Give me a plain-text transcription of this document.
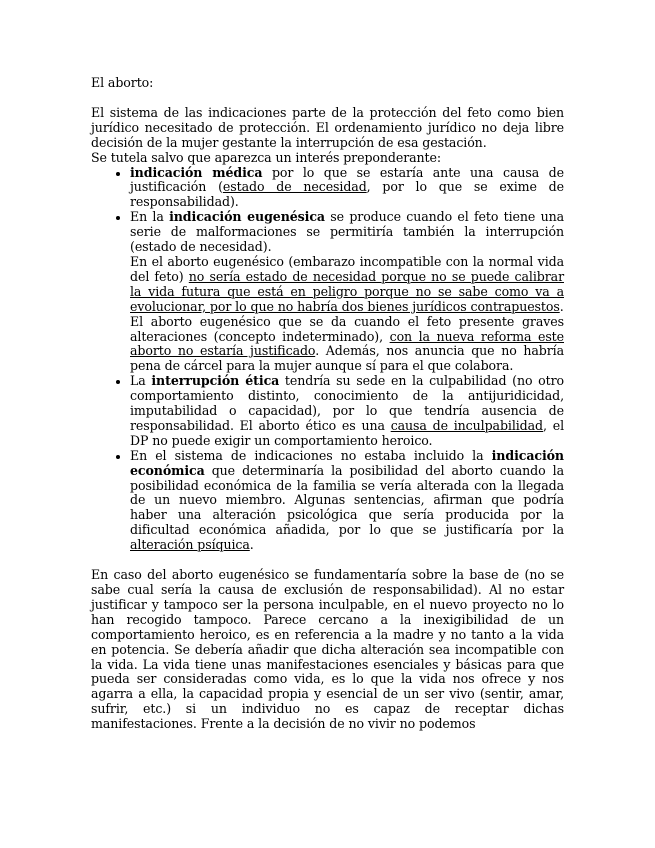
El aborto:

El sistema de las indicaciones parte de la protección del feto como bien jurídico necesitado de protección. El ordenamiento jurídico no deja libre decisión de la mujer gestante la interrupción de esa gestación.

Se tutela salvo que aparezca un interés preponderante:

• indicación médica por lo que se estaría ante una causa de justificación (estado de necesidad, por lo que se exime de responsabilidad).

• En la indicación eugenésica se produce cuando el feto tiene una serie de malformaciones se permitiría también la interrupción (estado de necesidad).

En el aborto eugenésico (embarazo incompatible con la normal vida del feto) no sería estado de necesidad porque no se puede calibrar la vida futura que está en peligro porque no se sabe como va a evolucionar, por lo que no habría dos bienes jurídicos contrapuestos.

El aborto eugenésico que se da cuando el feto presente graves alteraciones (concepto indeterminado), con la nueva reforma este aborto no estaría justificado. Además, nos anuncia que no habría pena de cárcel para la mujer aunque sí para el que colabora.

• La interrupción ética tendría su sede en la culpabilidad (no otro comportamiento distinto, conocimiento de la antijuridicidad, imputabilidad o capacidad), por lo que tendría ausencia de responsabilidad. El aborto ético es una causa de inculpabilidad, el DP no puede exigir un comportamiento heroico.
• En el sistema de indicaciones no estaba incluido la indicación económica que determinaría la posibilidad del aborto cuando la posibilidad económica de la familia se vería alterada con la llegada de un nuevo miembro. Algunas sentencias, afirman que podría haber una alteración psicológica que sería producida por la dificultad económica añadida, por lo que se justificaría por la alteración psíquica.

En caso del aborto eugenésico se fundamentaría sobre la base de (no se sabe cual sería la causa de exclusión de responsabilidad). Al no estar justificar y tampoco ser la persona inculpable, en el nuevo proyecto no lo han recogido tampoco. Parece cercano a la inexigibilidad de un comportamiento heroico, es en referencia a la madre y no tanto a la vida en potencia. Se debería añadir que dicha alteración sea incompatible con la vida. La vida tiene unas manifestaciones esenciales y básicas para que pueda ser consideradas como vida, es lo que la vida nos ofrece y nos agarra a ella, la capacidad propia y esencial de un ser vivo (sentir, amar, sufrir, etc.) si un individuo no es capaz de receptar dichas manifestaciones. Frente a la decisión de no vivir no podemos
